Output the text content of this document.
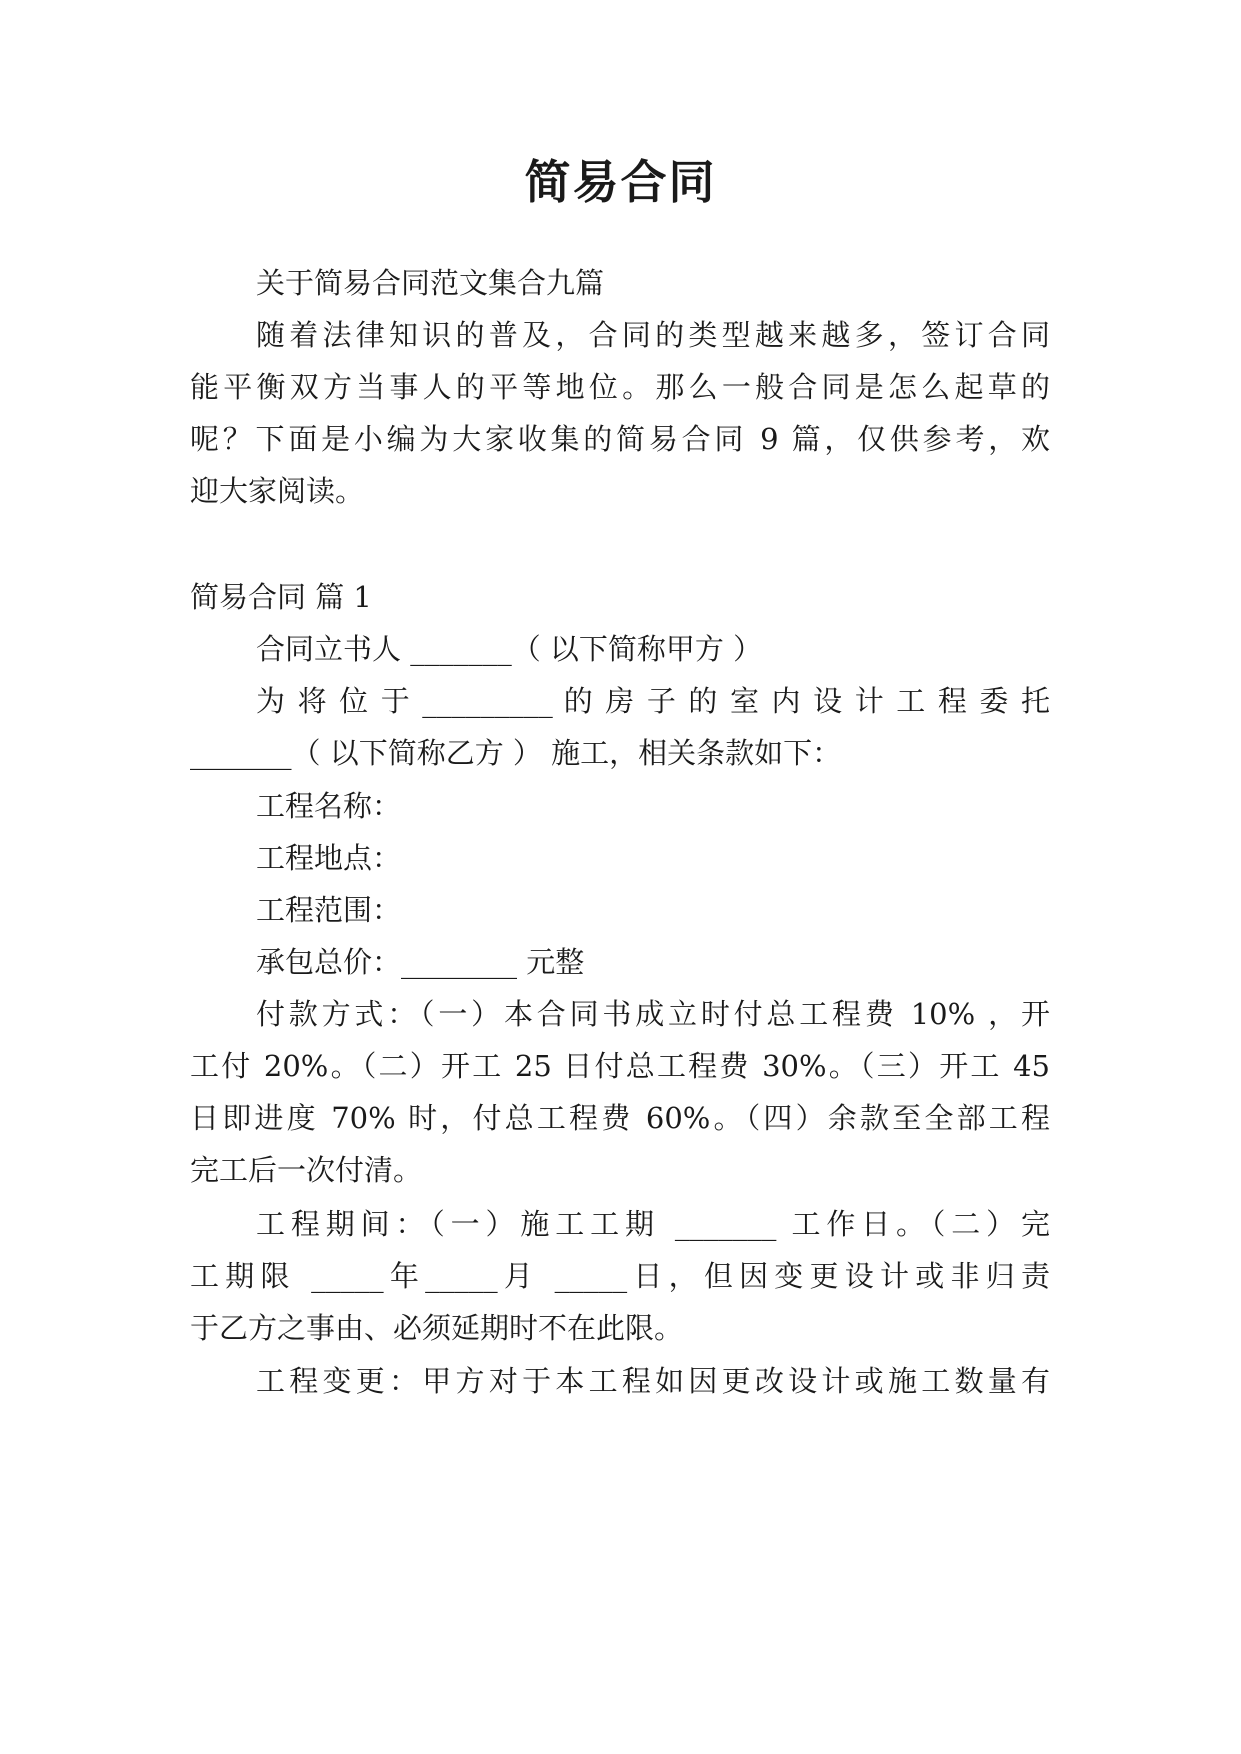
简易合同

关于简易合同范文集合九篇

随着法律知识的普及，合同的类型越来越多，签订合同

能平衡双方当事人的平等地位。那么一般合同是怎么起草的

呢？下面是小编为大家收集的简易合同 9 篇，仅供参考，欢

迎大家阅读。

简易合同 篇 1

合同立书人 _______（ 以下简称甲方 ）

为 将 位 于 _________ 的 房 子 的 室 内 设 计 工 程 委 托

_______（ 以下简称乙方 ） 施工，相关条款如下：

工程名称：

工程地点：

工程范围：

承包总价：________ 元整

付款方式：（一）本合同书成立时付总工程费 10% ，开

工付 20%。（二）开工 25 日付总工程费 30%。（三）开工 45

日即进度 70% 时，付总工程费 60%。（四）余款至全部工程

完工后一次付清。

工程期间：（一）施工工期 _______ 工作日。（二）完

工期限 _____年_____月 _____日，但因变更设计或非归责

于乙方之事由、必须延期时不在此限。

工程变更：甲方对于本工程如因更改设计或施工数量有
